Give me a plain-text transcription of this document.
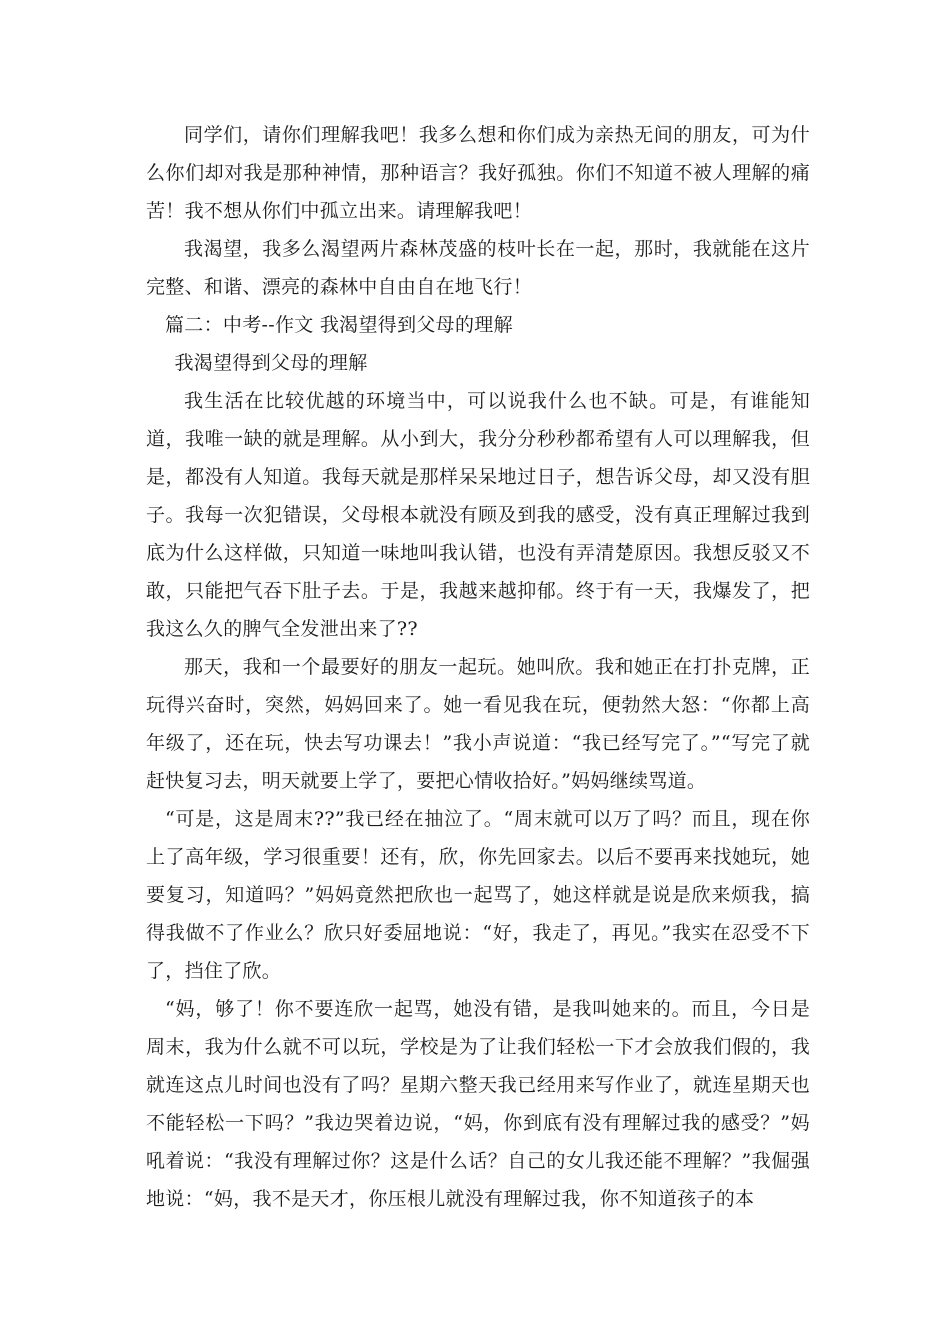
同学们，请你们理解我吧！我多么想和你们成为亲热无间的朋友，可为什么你们却对我是那种神情，那种语言？我好孤独。你们不知道不被人理解的痛苦！我不想从你们中孤立出来。请理解我吧！

我渴望，我多么渴望两片森林茂盛的枝叶长在一起，那时，我就能在这片完整、和谐、漂亮的森林中自由自在地飞行！

篇二：中考--作文 我渴望得到父母的理解

我渴望得到父母的理解

我生活在比较优越的环境当中，可以说我什么也不缺。可是，有谁能知道，我唯一缺的就是理解。从小到大，我分分秒秒都希望有人可以理解我，但是，都没有人知道。我每天就是那样呆呆地过日子，想告诉父母，却又没有胆子。我每一次犯错误，父母根本就没有顾及到我的感受，没有真正理解过我到底为什么这样做，只知道一味地叫我认错，也没有弄清楚原因。我想反驳又不敢，只能把气吞下肚子去。于是，我越来越抑郁。终于有一天，我爆发了，把我这么久的脾气全发泄出来了??

那天，我和一个最要好的朋友一起玩。她叫欣。我和她正在打扑克牌，正玩得兴奋时，突然，妈妈回来了。她一看见我在玩，便勃然大怒：“你都上高年级了，还在玩，快去写功课去！”我小声说道：“我已经写完了。”“写完了就赶快复习去，明天就要上学了，要把心情收拾好。”妈妈继续骂道。

“可是，这是周末??”我已经在抽泣了。“周末就可以万了吗？而且，现在你上了高年级，学习很重要！还有，欣，你先回家去。以后不要再来找她玩，她要复习，知道吗？”妈妈竟然把欣也一起骂了，她这样就是说是欣来烦我，搞得我做不了作业么？欣只好委屈地说：“好，我走了，再见。”我实在忍受不下了，挡住了欣。

“妈，够了！你不要连欣一起骂，她没有错，是我叫她来的。而且，今日是周末，我为什么就不可以玩，学校是为了让我们轻松一下才会放我们假的，我就连这点儿时间也没有了吗？星期六整天我已经用来写作业了，就连星期天也不能轻松一下吗？”我边哭着边说，“妈，你到底有没有理解过我的感受？”妈吼着说：“我没有理解过你？这是什么话？自己的女儿我还能不理解？”我倔强地说：“妈，我不是天才，你压根儿就没有理解过我，你不知道孩子的本
